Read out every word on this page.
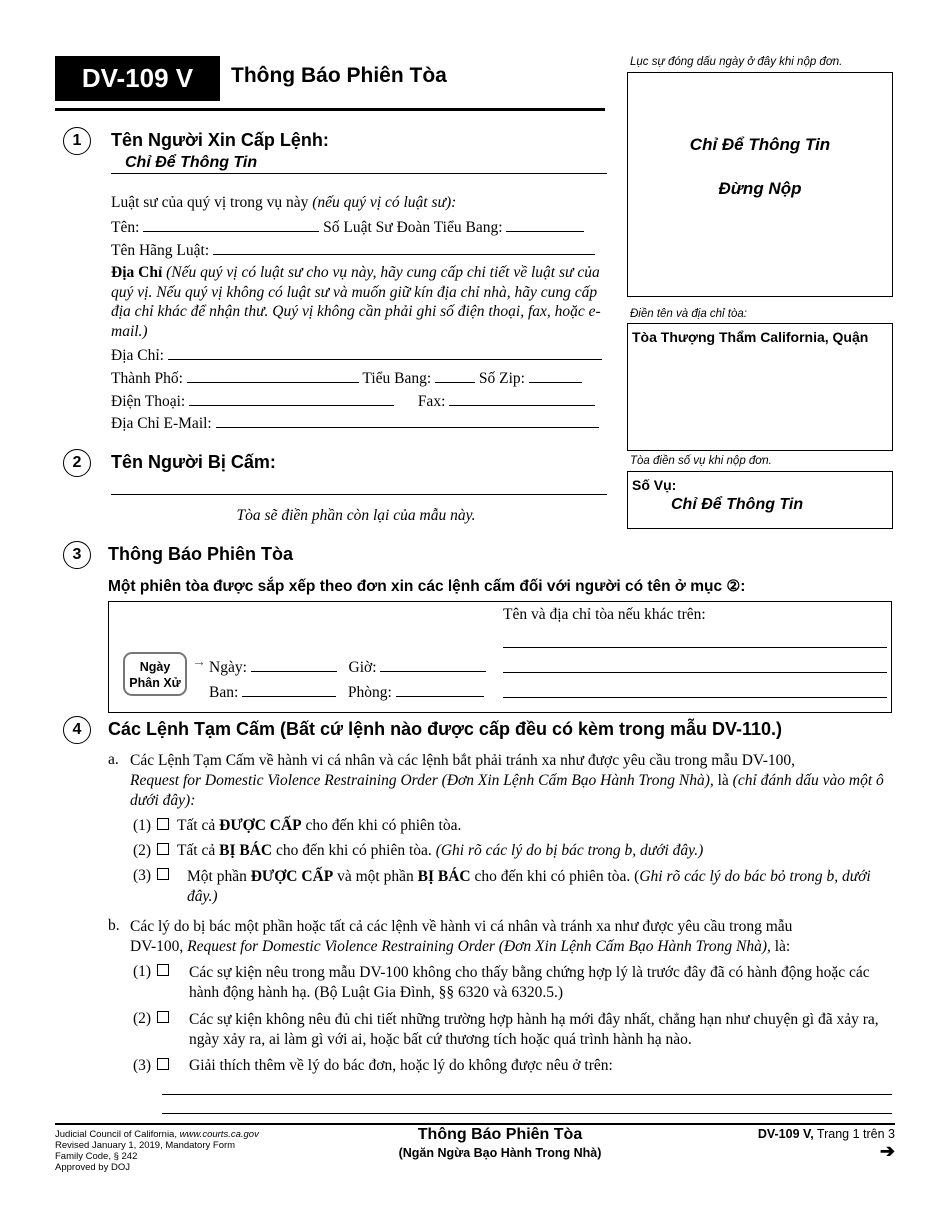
DV-109 V	Thông Báo Phiên Tòa
Lục sự đóng dấu ngày ở đây khi nộp đơn.
Chỉ Để Thông Tin
Đừng Nộp
Điền tên và địa chỉ tòa:
Tòa Thượng Thẩm California, Quận
Tòa điền số vụ khi nộp đơn.
Số Vụ:
Chỉ Để Thông Tin
1	Tên Người Xin Cấp Lệnh:
Chỉ Để Thông Tin
Luật sư của quý vị trong vụ này (nếu quý vị có luật sư):
Tên:	Số Luật Sư Đoàn Tiểu Bang:
Tên Hãng Luật:
Địa Chỉ (Nếu quý vị có luật sư cho vụ này, hãy cung cấp chi tiết về luật sư của quý vị. Nếu quý vị không có luật sư và muốn giữ kín địa chỉ nhà, hãy cung cấp địa chỉ khác để nhận thư. Quý vị không cần phải ghi số điện thoại, fax, hoặc e-mail.)
Địa Chỉ:
Thành Phố:	Tiểu Bang:	Số Zip:
Điện Thoại:	Fax:
Địa Chỉ E-Mail:
2	Tên Người Bị Cấm:
Tòa sẽ điền phần còn lại của mẫu này.
3	Thông Báo Phiên Tòa
Một phiên tòa được sắp xếp theo đơn xin các lệnh cấm đối với người có tên ở mục ②:
Tên và địa chỉ tòa nếu khác trên:
Ngày Phân Xử
→ Ngày:	Giờ:
Ban:	Phòng:
4	Các Lệnh Tạm Cấm (Bất cứ lệnh nào được cấp đều có kèm trong mẫu DV-110.)
a. Các Lệnh Tạm Cấm về hành vi cá nhân và các lệnh bắt phải tránh xa như được yêu cầu trong mẫu DV-100,
Request for Domestic Violence Restraining Order (Đơn Xin Lệnh Cấm Bạo Hành Trong Nhà), là (chỉ đánh dấu vào một ô dưới đây):
(1) Tất cả ĐƯỢC CẤP cho đến khi có phiên tòa.
(2) Tất cả BỊ BÁC cho đến khi có phiên tòa. (Ghi rõ các lý do bị bác trong b, dưới đây.)
(3)	Một phần ĐƯỢC CẤP và một phần BỊ BÁC cho đến khi có phiên tòa. (Ghi rõ các lý do bác bỏ trong b, dưới đây.)
b. Các lý do bị bác một phần hoặc tất cả các lệnh về hành vi cá nhân và tránh xa như được yêu cầu trong mẫu
DV-100, Request for Domestic Violence Restraining Order (Đơn Xin Lệnh Cấm Bạo Hành Trong Nhà), là:
(1)	Các sự kiện nêu trong mẫu DV-100 không cho thấy bằng chứng hợp lý là trước đây đã có hành động hoặc các hành động hành hạ. (Bộ Luật Gia Đình, §§ 6320 và 6320.5.)
(2)	Các sự kiện không nêu đủ chi tiết những trường hợp hành hạ mới đây nhất, chẳng hạn như chuyện gì đã xảy ra, ngày xảy ra, ai làm gì với ai, hoặc bất cứ thương tích hoặc quá trình hành hạ nào.
(3)	Giải thích thêm về lý do bác đơn, hoặc lý do không được nêu ở trên:
Judicial Council of California, www.courts.ca.gov
Revised January 1, 2019, Mandatory Form
Family Code, § 242
Approved by DOJ
Thông Báo Phiên Tòa
(Ngăn Ngừa Bạo Hành Trong Nhà)
DV-109 V, Trang 1 trên 3
➔
